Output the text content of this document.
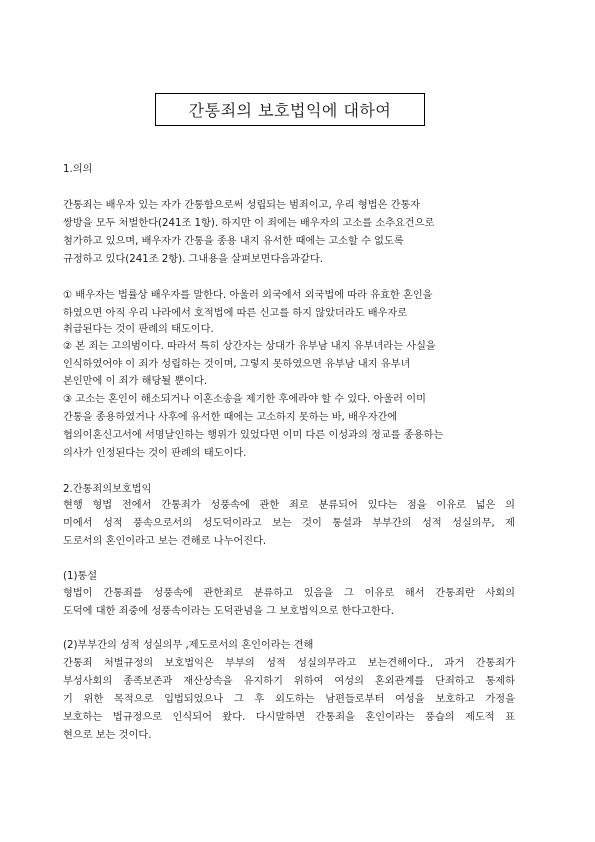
간통죄의 보호법익에 대하여
1.의의
간통죄는 배우자 있는 자가 간통함으로써 성립되는 범죄이고, 우리 형법은 간통자
쌍방을 모두 처벌한다(241조 1항). 하지만 이 죄에는 배우자의 고소를 소추요건으로
첨가하고 있으며, 배우자가 간통을 종용 내지 유서한 때에는 고소할 수 없도록
규정하고 있다(241조 2항). 그내용을 살펴보면다음과같다.
① 배우자는 법률상 배우자를 말한다. 아울러 외국에서 외국법에 따라 유효한 혼인을
하였으면 아직 우리 나라에서 호적법에 따른 신고를 하지 않았더라도 배우자로
취급된다는 것이 판례의 태도이다.
② 본 죄는 고의범이다. 따라서 특히 상간자는 상대가 유부남 내지 유부녀라는 사실을
인식하였어야 이 죄가 성립하는 것이며, 그렇지 못하였으면 유부남 내지 유부녀
본인만에 이 죄가 해당될 뿐이다.
③ 고소는 혼인이 해소되거나 이혼소송을 제기한 후에라야 할 수 있다. 아울러 이미
간통을 종용하였거나 사후에 유서한 때에는 고소하지 못하는 바, 배우자간에
협의이혼신고서에 서명날인하는 행위가 있었다면 이미 다른 이성과의 정교를 종용하는
의사가 인정된다는 것이 판례의 태도이다.
2.간통죄의보호법익
현행 형법 전에서 간통죄가 성풍속에 관한 죄로 분류되어 있다는 점을 이유로 넓은 의
미에서 성적 풍속으로서의 성도덕이라고 보는 것이 통설과 부부간의 성적 성실의무, 제
도로서의 혼인이라고 보는 견해로 나누어진다.
(1)통설
형법이 간통죄를 성풍속에 관한죄로 분류하고 있음을 그 이유로 해서 간통죄란 사회의
도덕에 대한 죄중에 성풍속이라는 도덕관념을 그 보호법익으로 한다고한다.
(2)부부간의 성적 성실의무 ,제도로서의 혼인이라는 견해
간통죄 처벌규정의 보호법익은 부부의 성적 성실의무라고 보는견해이다., 과거 간통죄가
부성사회의 종족보존과 재산상속을 유지하기 위하여 여성의 혼외관계를 단죄하고 통제하
기 위한 목적으로 입법되었으나 그 후 외도하는 남편들로부터 여성을 보호하고 가정을
보호하는 법규정으로 인식되어 왔다. 다시말하면 간통죄을 혼인이라는 풍습의 제도적 표
현으로 보는 것이다.
